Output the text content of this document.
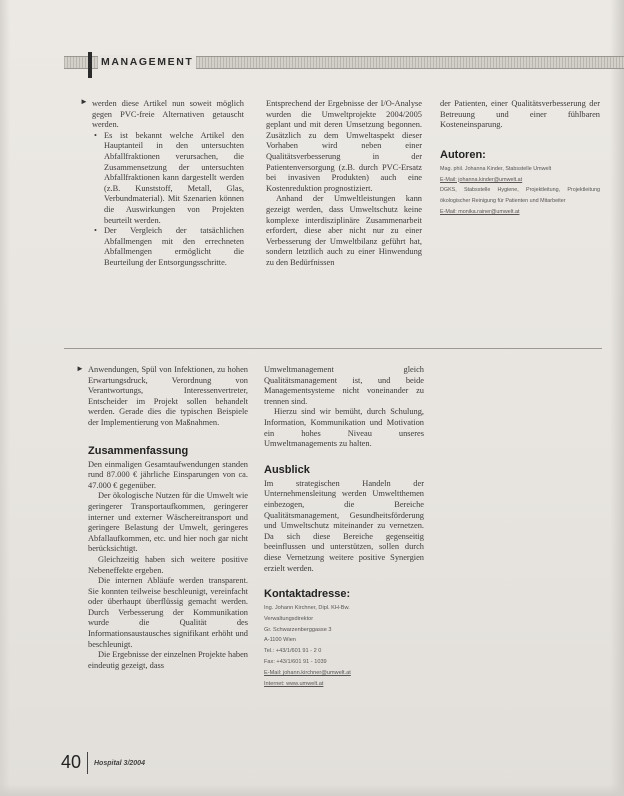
MANAGEMENT
► werden diese Artikel nun soweit möglich gegen PVC-freie Alternativen getauscht werden.

• Es ist bekannt welche Artikel den Hauptanteil in den untersuchten Abfallfraktionen verursachen, die Zusammensetzung der untersuchten Abfallfraktionen kann dargestellt werden (z.B. Kunststoff, Metall, Glas, Verbundmaterial). Mit Szenarien können die Auswirkungen von Projekten beurteilt werden.
• Der Vergleich der tatsächlichen Abfallmengen mit den errechneten Abfallmengen ermöglicht die Beurteilung der Entsorgungsschritte.

Entsprechend der Ergebnisse der I/O-Analyse wurden die Umweltprojekte 2004/2005 geplant und mit deren Umsetzung begonnen. Zusätzlich zu dem Umweltaspekt dieser Vorhaben wird neben einer Qualitätsverbesserung in der Patientenversorgung (z.B. durch PVC-Ersatz bei invasiven Produkten) auch eine Kostenreduktion prognostiziert.

Anhand der Umweltleistungen kann gezeigt werden, dass Umweltschutz keine komplexe interdisziplinäre Zusammenarbeit erfordert, diese aber nicht nur zu einer Verbesserung der Umweltbilanz geführt hat, sondern letztlich auch zu einer Hinwendung zu den Bedürfnissen

der Patienten, einer Qualitätsverbesserung der Betreuung und einer fühlbaren Kosteneinsparung.

Autoren:
Mag. phil. Johanna Kinder, Stabsstelle Umwelt
E-Mail: johanna.kinder@umwelt.at
DGKS, Stabsstelle Hygiene, Projektleitung, Projektleitung ökologischer Reinigung für Patienten und Mitarbeiter
E-Mail: monika.rainer@umwelt.at
► Anwendungen, Spül von Infektionen, zu hohen Erwartungsdruck, Verordnung von Verantwortungs, Interessenvertreter, Entscheider im Projekt sollen behandelt werden. Gerade dies die typischen Beispiele der Implementierung von Maßnahmen.

Zusammenfassung

Den einmaligen Gesamtaufwendungen standen rund 87.000 € jährliche Einsparungen von ca. 47.000 € gegenüber.

Der ökologische Nutzen für die Umwelt wie geringerer Transportaufkommen, geringerer interner und externer Wäschereitransport und geringere Belastung der Umwelt, geringeres Abfallaufkommen, etc. und hier noch gar nicht berücksichtigt.

Gleichzeitig haben sich weitere positive Nebeneffekte ergeben.

Die internen Abläufe werden transparent. Sie konnten teilweise beschleunigt, vereinfacht oder überhaupt überflüssig gemacht werden. Durch Verbesserung der Kommunikation wurde die Qualität des Informationsaustausches signifikant erhöht und beschleunigt.

Die Ergebnisse der einzelnen Projekte haben eindeutig gezeigt, dass

Umweltmanagement gleich Qualitätsmanagement ist, und beide Managementsysteme nicht voneinander zu trennen sind.

Hierzu sind wir bemüht, durch Schulung, Information, Kommunikation und Motivation ein hohes Niveau unseres Umweltmanagements zu halten.

Ausblick

Im strategischen Handeln der Unternehmensleitung werden Umweltthemen einbezogen, die Bereiche Qualitätsmanagement, Gesundheitsförderung und Umweltschutz miteinander zu vernetzen. Da sich diese Bereiche gegenseitig beeinflussen und unterstützen, sollen durch diese Vernetzung weitere positive Synergien erzielt werden.

Kontaktadresse:
Ing. Johann Kirchner, Dipl. KH-Bw.
Verwaltungsdirektor
Gr. Schwarzenberggasse 3
A-1100 Wien
Tel.: +43/1/601 91 - 2 0
Fax: +43/1/601 91 - 1039
E-Mail: johann.kirchner@umwelt.at
Internet: www.umwelt.at
40 Hospital 3/2004
